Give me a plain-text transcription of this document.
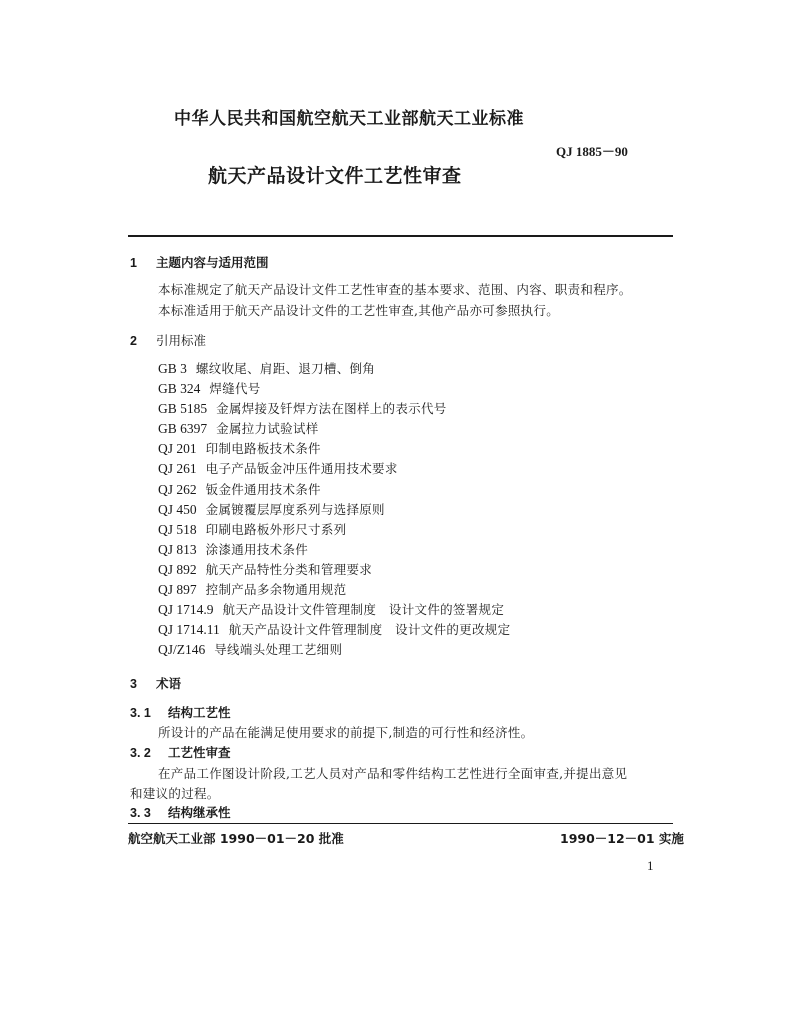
中华人民共和国航空航天工业部航天工业标准
QJ 1885－90
航天产品设计文件工艺性审查
1 主题内容与适用范围
本标准规定了航天产品设计文件工艺性审查的基本要求、范围、内容、职责和程序。
本标准适用于航天产品设计文件的工艺性审查,其他产品亦可参照执行。
2 引用标准
GB 3 螺纹收尾、肩距、退刀槽、倒角
GB 324 焊缝代号
GB 5185 金属焊接及钎焊方法在图样上的表示代号
GB 6397 金属拉力试验试样
QJ 201 印制电路板技术条件
QJ 261 电子产品钣金冲压件通用技术要求
QJ 262 钣金件通用技术条件
QJ 450 金属镀覆层厚度系列与选择原则
QJ 518 印刷电路板外形尺寸系列
QJ 813 涂漆通用技术条件
QJ 892 航天产品特性分类和管理要求
QJ 897 控制产品多余物通用规范
QJ 1714.9 航天产品设计文件管理制度　设计文件的签署规定
QJ 1714.11 航天产品设计文件管理制度　设计文件的更改规定
QJ/Z146 导线端头处理工艺细则
3 术语
3. 1 结构工艺性
所设计的产品在能满足使用要求的前提下,制造的可行性和经济性。
3. 2 工艺性审查
在产品工作图设计阶段,工艺人员对产品和零件结构工艺性进行全面审查,并提出意见
和建议的过程。
3. 3 结构继承性
航空航天工业部 1990－01－20 批准	1990－12－01 实施
1
